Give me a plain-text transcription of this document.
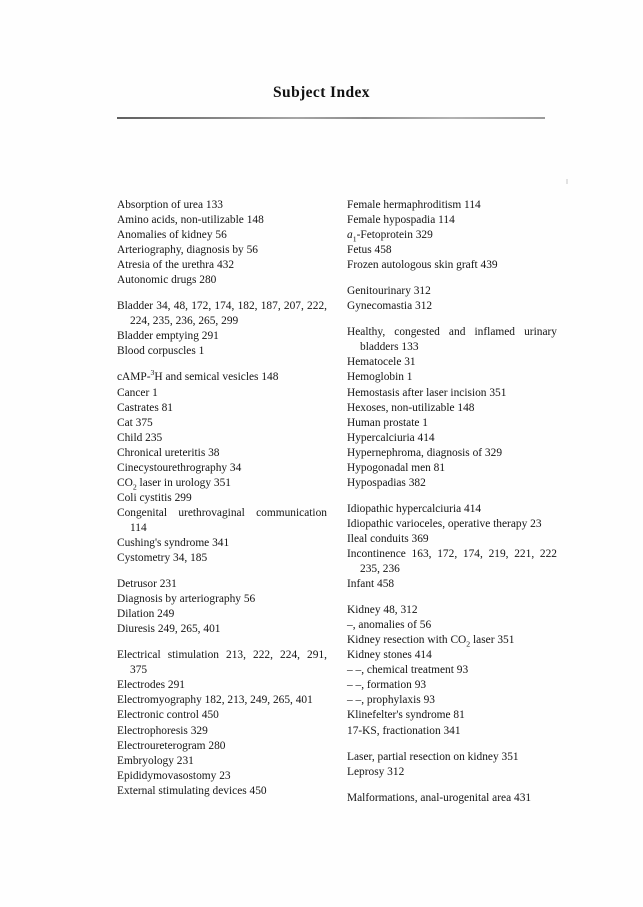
Subject Index
Absorption of urea 133
Amino acids, non-utilizable 148
Anomalies of kidney 56
Arteriography, diagnosis by 56
Atresia of the urethra 432
Autonomic drugs 280
Bladder 34, 48, 172, 174, 182, 187, 207, 222,
224, 235, 236, 265, 299
Bladder emptying 291
Blood corpuscles 1
cAMP-$^3$H and semical vesicles 148
Cancer 1
Castrates 81
Cat 375
Child 235
Chronical ureteritis 38
Cinecystourethrography 34
$CO_2$ laser in urology 351
Coli cystitis 299
Congenital urethrovaginal communication
114
Cushing's syndrome 341
Cystometry 34, 185
Detrusor 231
Diagnosis by arteriography 56
Dilation 249
Diuresis 249, 265, 401
Electrical stimulation 213, 222, 224, 291,
375
Electrodes 291
Electromyography 182, 213, 249, 265, 401
Electronic control 450
Electrophoresis 329
Electroureterogram 280
Embryology 231
Epididymovasostomy 23
External stimulating devices 450
Female hermaphroditism 114
Female hypospadia 114
$a_1$-Fetoprotein 329
Fetus 458
Frozen autologous skin graft 439
Genitourinary 312
Gynecomastia 312
Healthy, congested and inflamed urinary
bladders 133
Hematocele 31
Hemoglobin 1
Hemostasis after laser incision 351
Hexoses, non-utilizable 148
Human prostate 1
Hypercalciuria 414
Hypernephroma, diagnosis of 329
Hypogonadal men 81
Hypospadias 382
Idiopathic hypercalciuria 414
Idiopathic varioceles, operative therapy 23
Ileal conduits 369
Incontinence 163, 172, 174, 219, 221, 222
235, 236
Infant 458
Kidney 48, 312
–, anomalies of 56
Kidney resection with $CO_2$ laser 351
Kidney stones 414
– –, chemical treatment 93
– –, formation 93
– –, prophylaxis 93
Klinefelter's syndrome 81
17-KS, fractionation 341
Laser, partial resection on kidney 351
Leprosy 312
Malformations, anal-urogenital area 431
